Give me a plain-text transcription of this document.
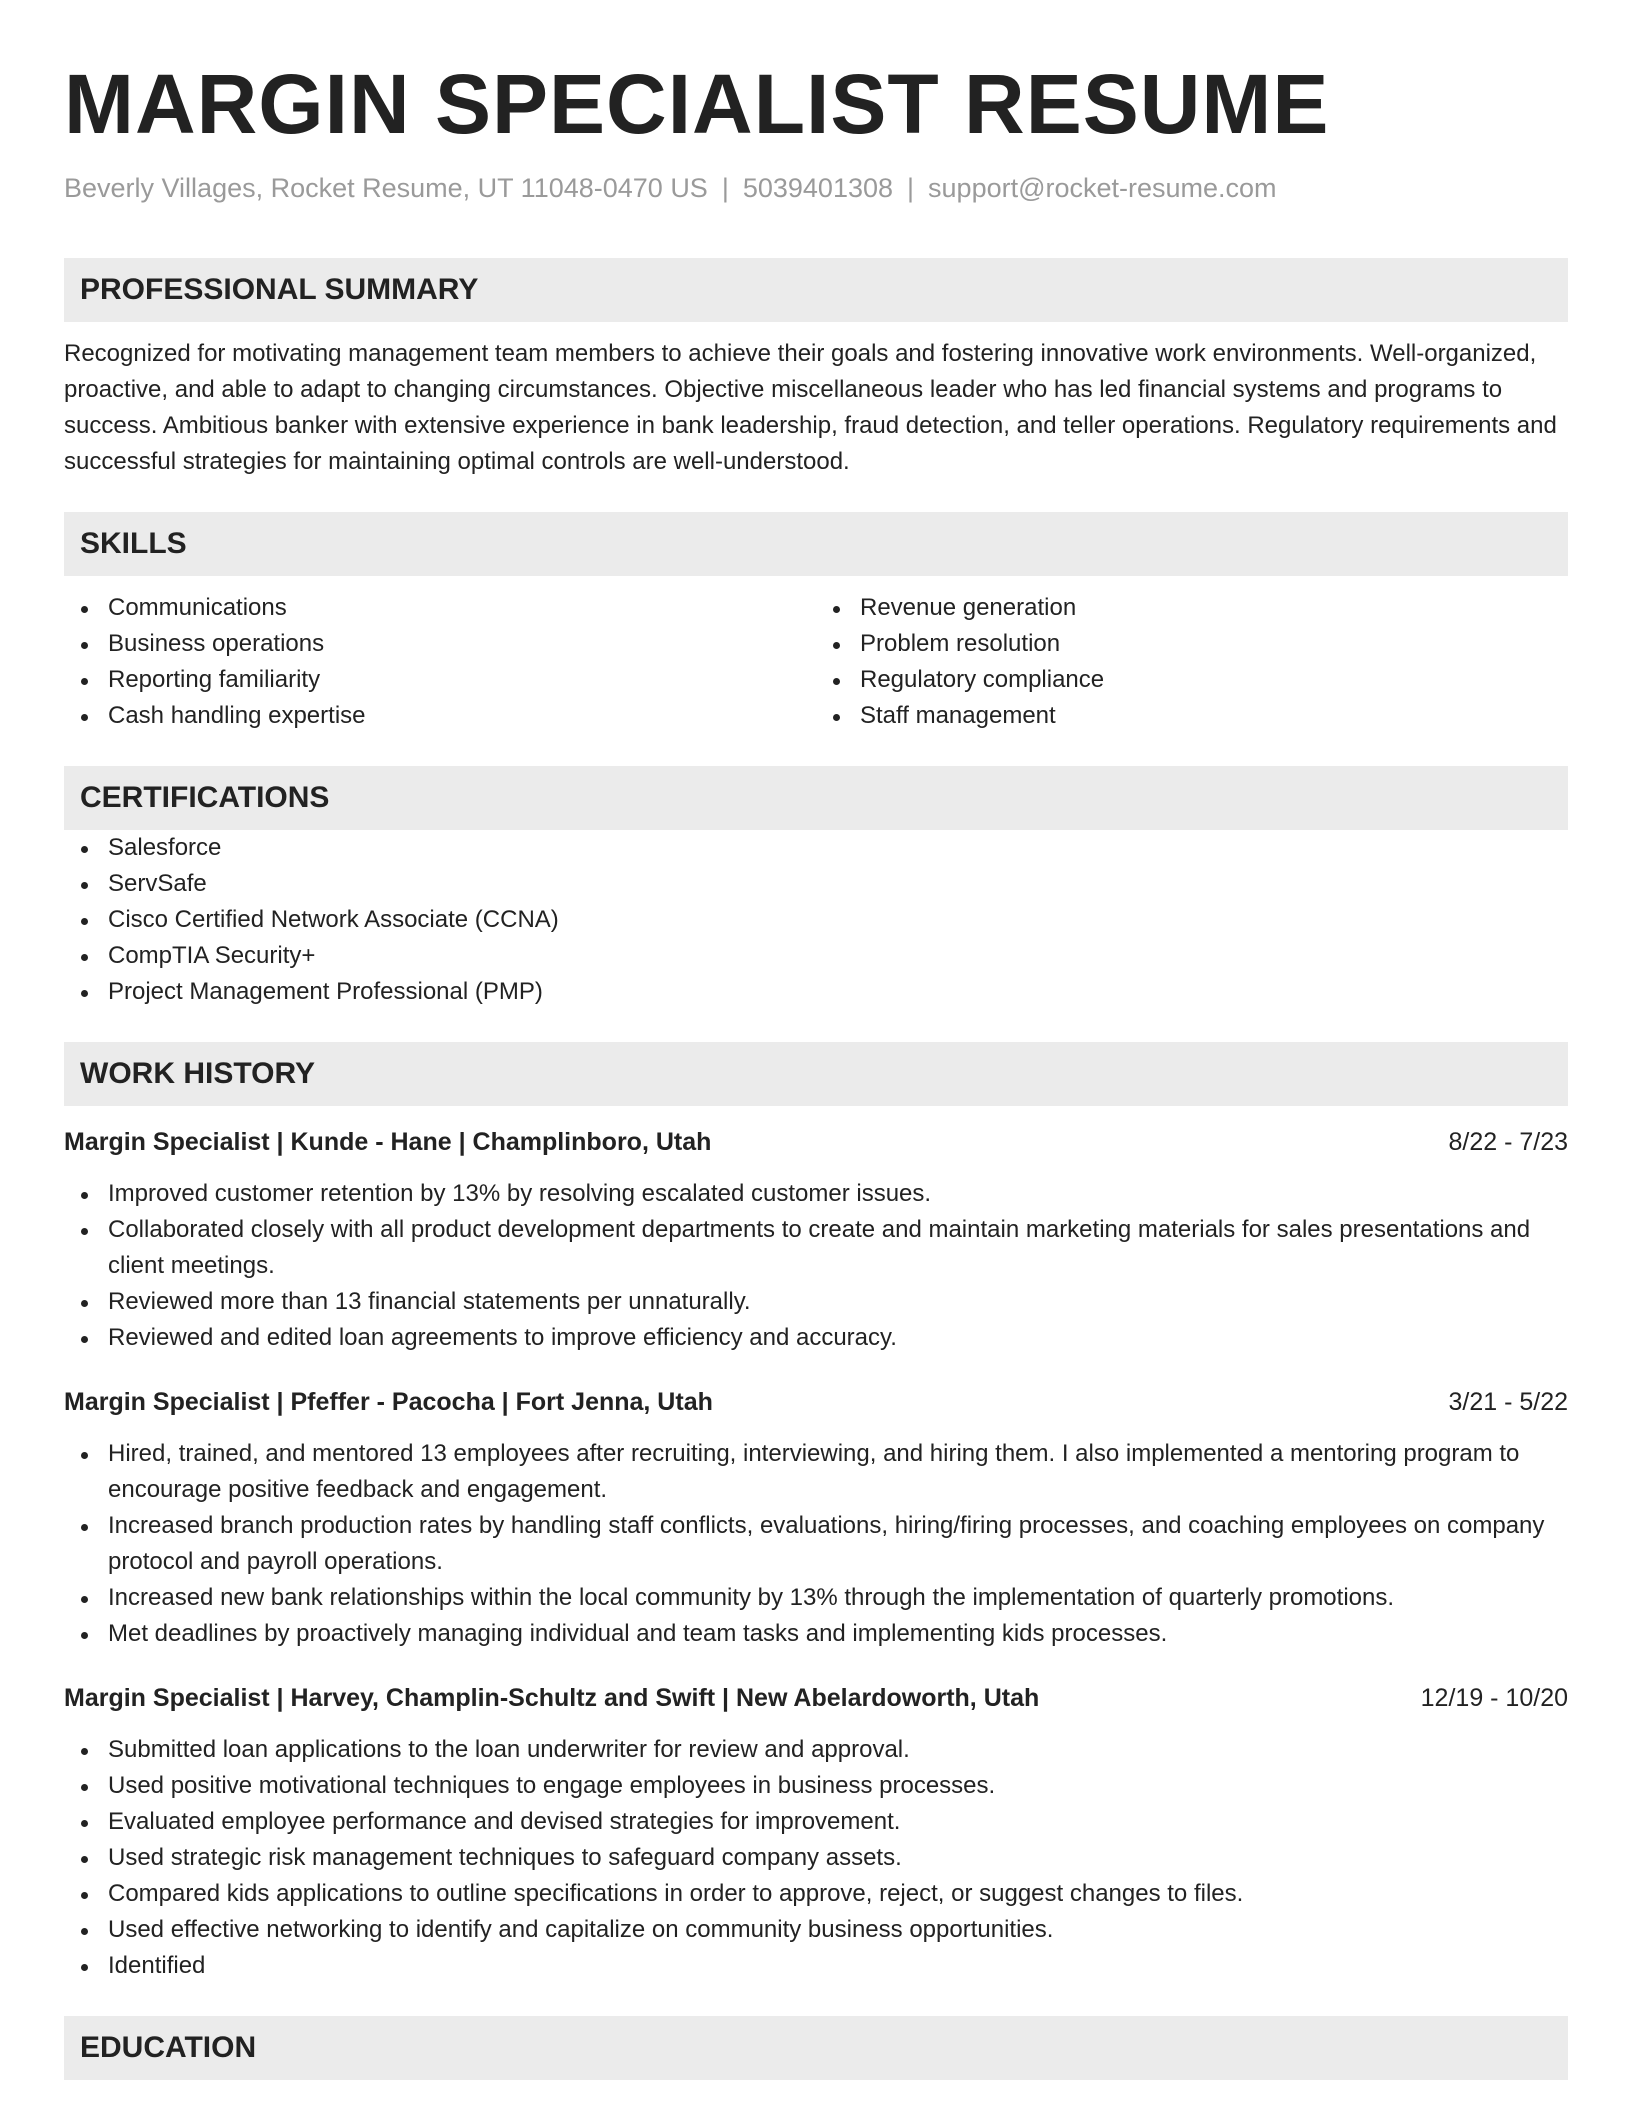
MARGIN SPECIALIST RESUME
Beverly Villages, Rocket Resume, UT 11048-0470 US | 5039401308 | support@rocket-resume.com
PROFESSIONAL SUMMARY

Recognized for motivating management team members to achieve their goals and fostering innovative work environments. Well-organized, proactive, and able to adapt to changing circumstances. Objective miscellaneous leader who has led financial systems and programs to success. Ambitious banker with extensive experience in bank leadership, fraud detection, and teller operations. Regulatory requirements and successful strategies for maintaining optimal controls are well-understood.

SKILLS
Communications
Business operations
Reporting familiarity
Cash handling expertise
Revenue generation
Problem resolution
Regulatory compliance
Staff management
CERTIFICATIONS
Salesforce
ServSafe
Cisco Certified Network Associate (CCNA)
CompTIA Security+
Project Management Professional (PMP)
WORK HISTORY
Margin Specialist | Kunde - Hane | Champlinboro, Utah	8/22 - 7/23
Improved customer retention by 13% by resolving escalated customer issues.
Collaborated closely with all product development departments to create and maintain marketing materials for sales presentations and client meetings.
Reviewed more than 13 financial statements per unnaturally.
Reviewed and edited loan agreements to improve efficiency and accuracy.
Margin Specialist | Pfeffer - Pacocha | Fort Jenna, Utah	3/21 - 5/22
Hired, trained, and mentored 13 employees after recruiting, interviewing, and hiring them. I also implemented a mentoring program to encourage positive feedback and engagement.
Increased branch production rates by handling staff conflicts, evaluations, hiring/firing processes, and coaching employees on company protocol and payroll operations.
Increased new bank relationships within the local community by 13% through the implementation of quarterly promotions.
Met deadlines by proactively managing individual and team tasks and implementing kids processes.
Margin Specialist | Harvey, Champlin-Schultz and Swift | New Abelardoworth, Utah	12/19 - 10/20
Submitted loan applications to the loan underwriter for review and approval.
Used positive motivational techniques to engage employees in business processes.
Evaluated employee performance and devised strategies for improvement.
Used strategic risk management techniques to safeguard company assets.
Compared kids applications to outline specifications in order to approve, reject, or suggest changes to files.
Used effective networking to identify and capitalize on community business opportunities.
Identified
EDUCATION
